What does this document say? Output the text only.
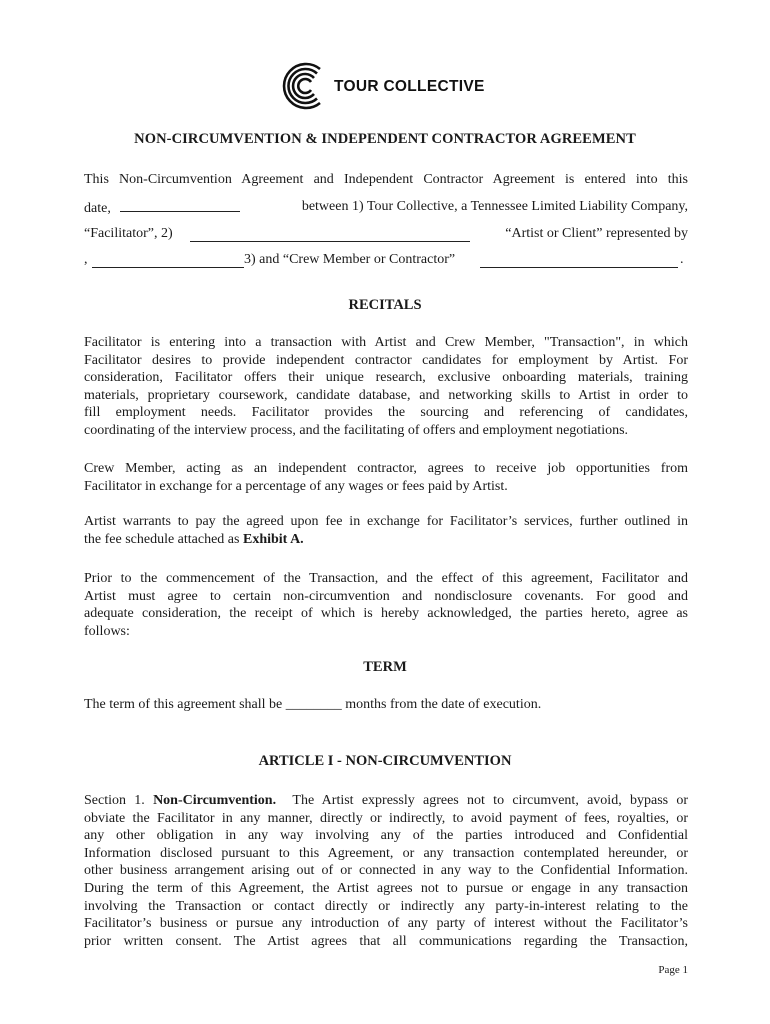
TOUR COLLECTIVE
NON-CIRCUMVENTION & INDEPENDENT CONTRACTOR AGREEMENT
This Non-Circumvention Agreement and Independent Contractor Agreement is entered into this
date,	between 1) Tour Collective, a Tennessee Limited Liability Company,
“Facilitator”, 2)	“Artist or Client” represented by
,	3) and “Crew Member or Contractor”	.
RECITALS
Facilitator is entering into a transaction with Artist and Crew Member, "Transaction", in which
Facilitator desires to provide independent contractor candidates for employment by Artist. For
consideration, Facilitator offers their unique research, exclusive onboarding materials, training
materials, proprietary coursework, candidate database, and networking skills to Artist in order to
fill employment needs. Facilitator provides the sourcing and referencing of candidates,
coordinating of the interview process, and the facilitating of offers and employment negotiations.
Crew Member, acting as an independent contractor, agrees to receive job opportunities from
Facilitator in exchange for a percentage of any wages or fees paid by Artist.
Artist warrants to pay the agreed upon fee in exchange for Facilitator’s services, further outlined in
the fee schedule attached as Exhibit A.
Prior to the commencement of the Transaction, and the effect of this agreement, Facilitator and
Artist must agree to certain non-circumvention and nondisclosure covenants. For good and
adequate consideration, the receipt of which is hereby acknowledged, the parties hereto, agree as
follows:
TERM
The term of this agreement shall be ________ months from the date of execution.
ARTICLE I - NON-CIRCUMVENTION
Section 1. Non-Circumvention. The Artist expressly agrees not to circumvent, avoid, bypass or
obviate the Facilitator in any manner, directly or indirectly, to avoid payment of fees, royalties, or
any other obligation in any way involving any of the parties introduced and Confidential
Information disclosed pursuant to this Agreement, or any transaction contemplated hereunder, or
other business arrangement arising out of or connected in any way to the Confidential Information.
During the term of this Agreement, the Artist agrees not to pursue or engage in any transaction
involving the Transaction or contact directly or indirectly any party-in-interest relating to the
Facilitator’s business or pursue any introduction of any party of interest without the Facilitator’s
prior written consent. The Artist agrees that all communications regarding the Transaction,
Page 1
